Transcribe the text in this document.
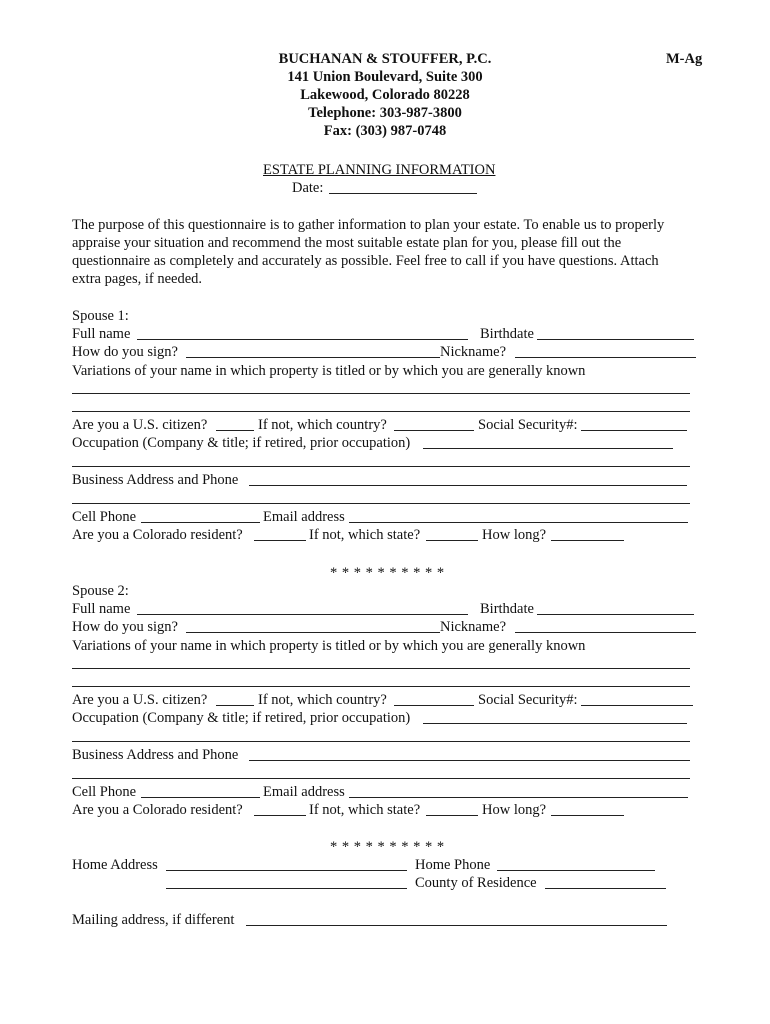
BUCHANAN & STOUFFER, P.C.	M-Ag
141 Union Boulevard, Suite 300
Lakewood, Colorado 80228
Telephone: 303-987-3800
Fax: (303) 987-0748
ESTATE PLANNING INFORMATION
Date:
The purpose of this questionnaire is to gather information to plan your estate. To enable us to properly
appraise your situation and recommend the most suitable estate plan for you, please fill out the
questionnaire as completely and accurately as possible. Feel free to call if you have questions. Attach
extra pages, if needed.
Spouse 1:
Full name	Birthdate
How do you sign?	Nickname?
Variations of your name in which property is titled or by which you are generally known
Are you a U.S. citizen?	If not, which country?	Social Security#:
Occupation (Company & title; if retired, prior occupation)
Business Address and Phone
Cell Phone	Email address
Are you a Colorado resident?	If not, which state?	How long?
* * * * * * * * * *
Spouse 2:
Full name	Birthdate
How do you sign?	Nickname?
Variations of your name in which property is titled or by which you are generally known
Are you a U.S. citizen?	If not, which country?	Social Security#:
Occupation (Company & title; if retired, prior occupation)
Business Address and Phone
Cell Phone	Email address
Are you a Colorado resident?	If not, which state?	How long?
* * * * * * * * * *
Home Address	Home Phone
County of Residence
Mailing address, if different
